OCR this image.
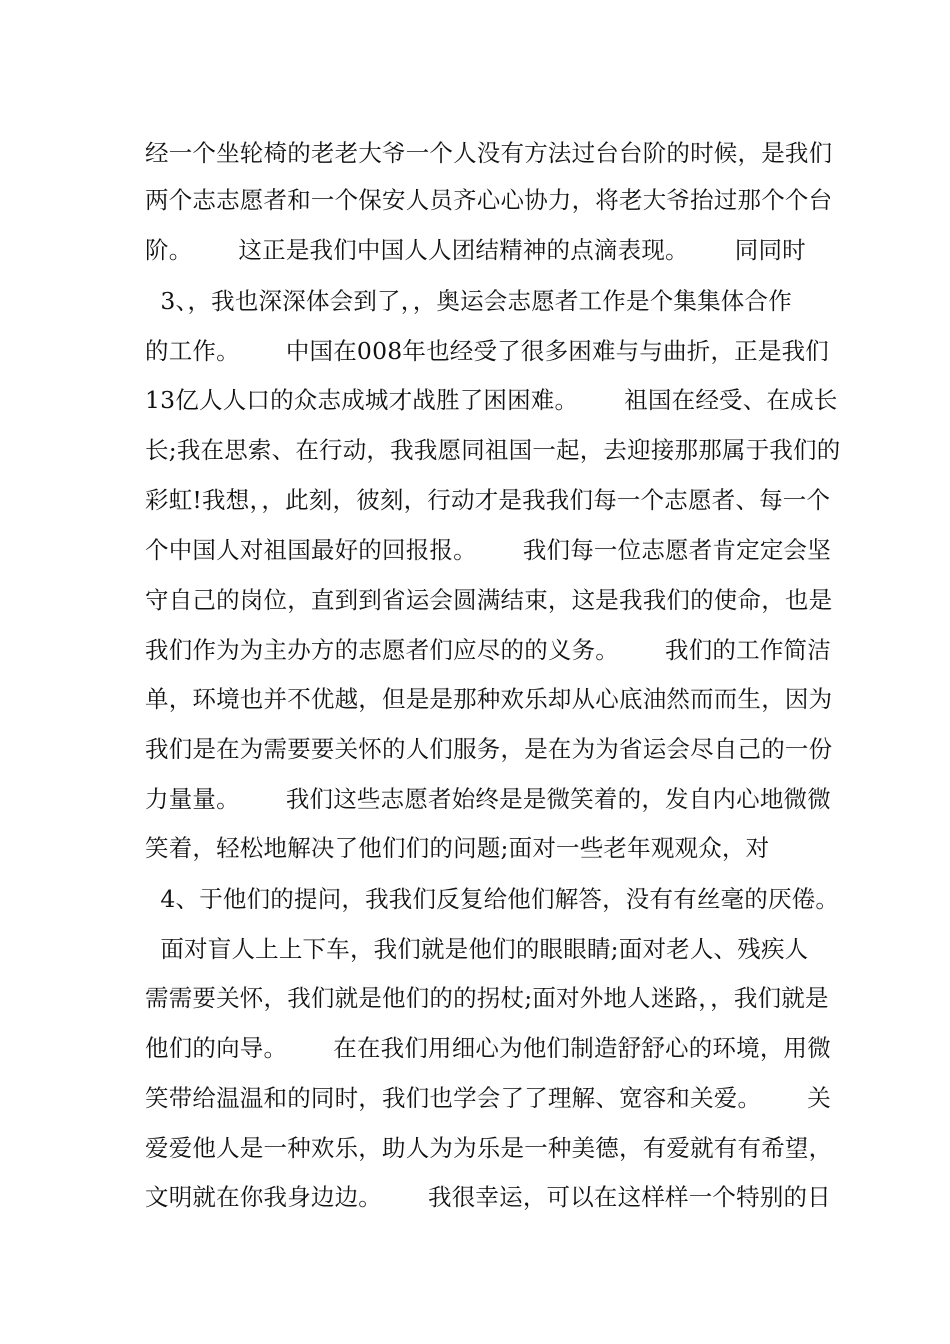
经一个坐轮椅的老老大爷一个人没有方法过台台阶的时候，是我们
两个志志愿者和一个保安人员齐心心协力，将老大爷抬过那个个台
阶。      这正是我们中国人人团结精神的点滴表现。      同同时
3、，我也深深体会到了，，奥运会志愿者工作是个集集体合作
的工作。      中国在008年也经受了很多困难与与曲折，正是我们
13亿人人口的众志成城才战胜了困困难。      祖国在经受、在成长
长;我在思索、在行动，我我愿同祖国一起，去迎接那那属于我们的
彩虹!我想，，此刻，彼刻，行动才是我我们每一个志愿者、每一个
个中国人对祖国最好的回报报。      我们每一位志愿者肯定定会坚
守自己的岗位，直到到省运会圆满结束，这是我我们的使命，也是
我们作为为主办方的志愿者们应尽的的义务。      我们的工作简洁
单，环境也并不优越，但是是那种欢乐却从心底油然而而生，因为
我们是在为需要要关怀的人们服务，是在为为省运会尽自己的一份
力量量。      我们这些志愿者始终是是微笑着的，发自内心地微微
笑着，轻松地解决了他们们的问题;面对一些老年观观众，对
4、于他们的提问，我我们反复给他们解答，没有有丝毫的厌倦。
面对盲人上上下车，我们就是他们的眼眼睛;面对老人、残疾人
需需要关怀，我们就是他们的的拐杖;面对外地人迷路，，我们就是
他们的向导。      在在我们用细心为他们制造舒舒心的环境，用微
笑带给温温和的同时，我们也学会了了理解、宽容和关爱。      关
爱爱他人是一种欢乐，助人为为乐是一种美德，有爱就有有希望，
文明就在你我身边边。      我很幸运，可以在这样样一个特别的日
